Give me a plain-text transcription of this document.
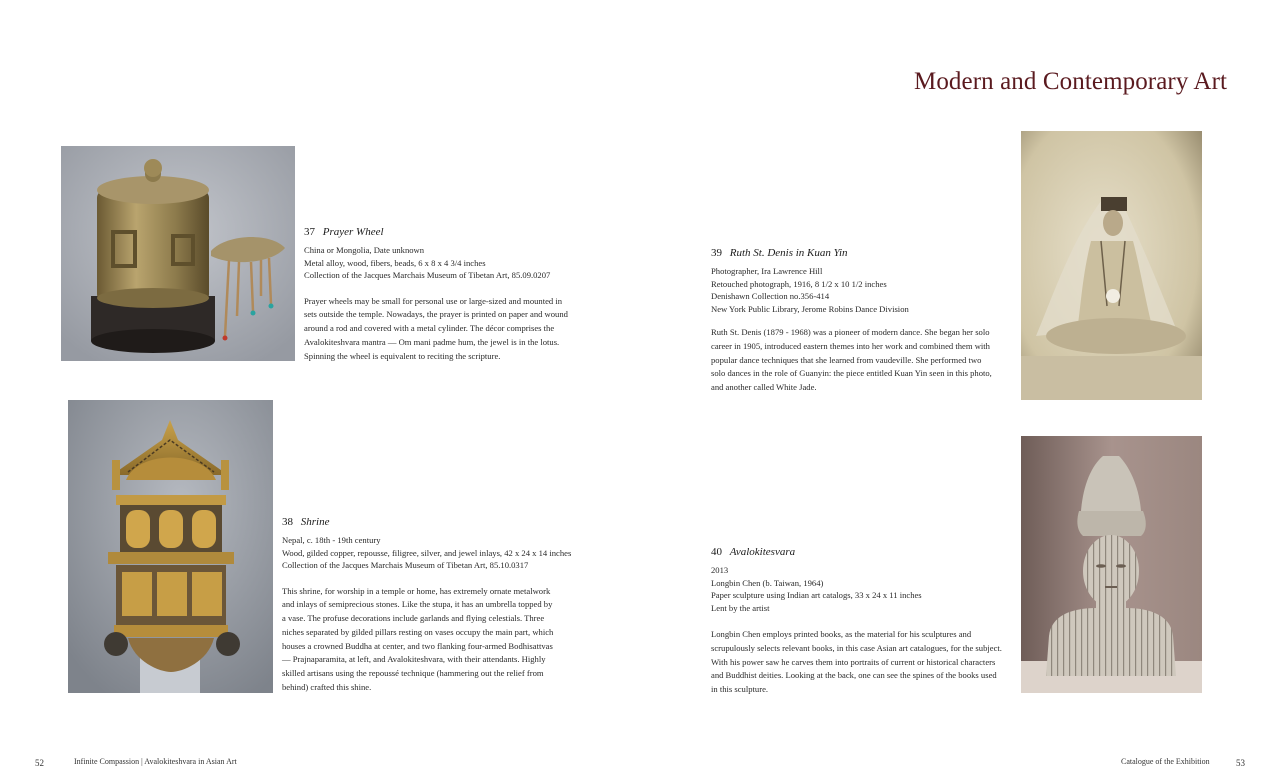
Modern and Contemporary Art
37 Prayer Wheel
China or Mongolia, Date unknown
Metal alloy, wood, fibers, beads, 6 x 8 x 4 3/4 inches
Collection of the Jacques Marchais Museum of Tibetan Art, 85.09.0207

Prayer wheels may be small for personal use or large-sized and mounted in

sets outside the temple. Nowadays, the prayer is printed on paper and wound

around a rod and covered with a metal cylinder. The décor comprises the

Avalokiteshvara mantra — Om mani padme hum, the jewel is in the lotus.

Spinning the wheel is equivalent to reciting the scripture.

38 Shrine
Nepal, c. 18th - 19th century
Wood, gilded copper, repousse, filigree, silver, and jewel inlays, 42 x 24 x 14 inches
Collection of the Jacques Marchais Museum of Tibetan Art, 85.10.0317

This shrine, for worship in a temple or home, has extremely ornate metalwork

and inlays of semiprecious stones. Like the stupa, it has an umbrella topped by

a vase. The profuse decorations include garlands and flying celestials. Three

niches separated by gilded pillars resting on vases occupy the main part, which

houses a crowned Buddha at center, and two flanking four-armed Bodhisattvas

— Prajnaparamita, at left, and Avalokiteshvara, with their attendants. Highly

skilled artisans using the repoussé technique (hammering out the relief from

behind) crafted this shine.

39 Ruth St. Denis in Kuan Yin
Photographer, Ira Lawrence Hill
Retouched photograph, 1916, 8 1/2 x 10 1/2 inches
Denishawn Collection no.356-414
New York Public Library, Jerome Robins Dance Division

Ruth St. Denis (1879 - 1968) was a pioneer of modern dance. She began her solo

career in 1905, introduced eastern themes into her work and combined them with

popular dance techniques that she learned from vaudeville. She performed two

solo dances in the role of Guanyin: the piece entitled Kuan Yin seen in this photo,

and another called White Jade.

40 Avalokitesvara
2013
Longbin Chen (b. Taiwan, 1964)
Paper sculpture using Indian art catalogs, 33 x 24 x 11 inches
Lent by the artist

Longbin Chen employs printed books, as the material for his sculptures and

scrupulously selects relevant books, in this case Asian art catalogues, for the subject.

With his power saw he carves them into portraits of current or historical characters

and Buddhist deities. Looking at the back, one can see the spines of the books used

in this sculpture.

52	Infinite Compassion | Avalokiteshvara in Asian Art	Catalogue of the Exhibition	53
